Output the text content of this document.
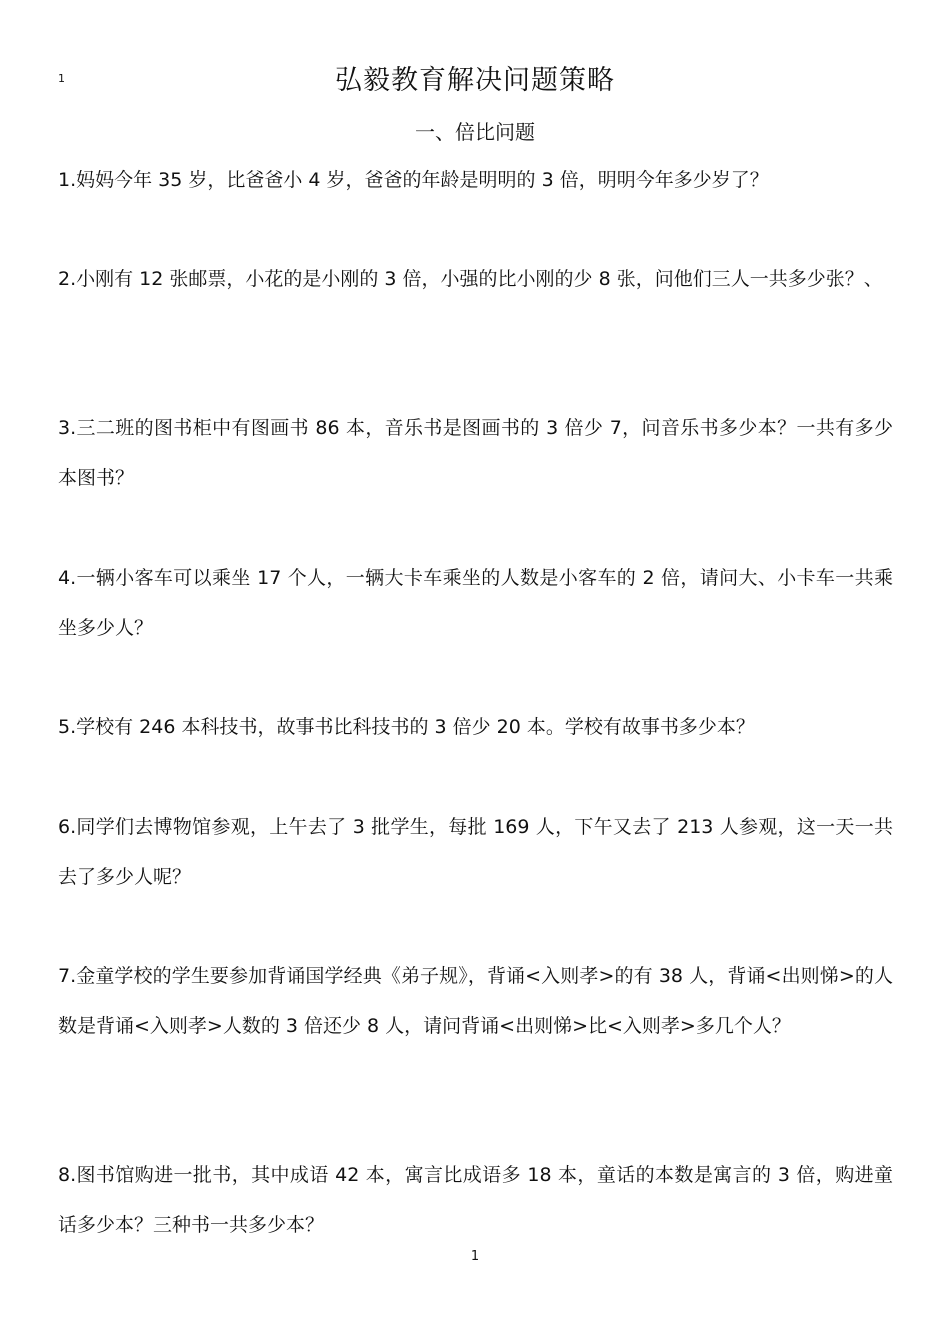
1	弘毅教育解决问题策略
一、倍比问题
1.妈妈今年 35 岁，比爸爸小 4 岁，爸爸的年龄是明明的 3 倍，明明今年多少岁了？
2.小刚有 12 张邮票，小花的是小刚的 3 倍，小强的比小刚的少 8 张，问他们三人一共多少张？、
3.三二班的图书柜中有图画书 86 本，音乐书是图画书的 3 倍少 7，问音乐书多少本？一共有多少本图书？
4.一辆小客车可以乘坐 17 个人，一辆大卡车乘坐的人数是小客车的 2 倍，请问大、小卡车一共乘坐多少人？
5.学校有 246 本科技书，故事书比科技书的 3 倍少 20 本。学校有故事书多少本？
6.同学们去博物馆参观，上午去了 3 批学生，每批 169 人，下午又去了 213 人参观，这一天一共去了多少人呢？
7.金童学校的学生要参加背诵国学经典《弟子规》，背诵<入则孝>的有 38 人，背诵<出则悌>的人数是背诵<入则孝>人数的 3 倍还少 8 人，请问背诵<出则悌>比<入则孝>多几个人？
8.图书馆购进一批书，其中成语 42 本，寓言比成语多 18 本，童话的本数是寓言的 3 倍，购进童话多少本？三种书一共多少本？
1
